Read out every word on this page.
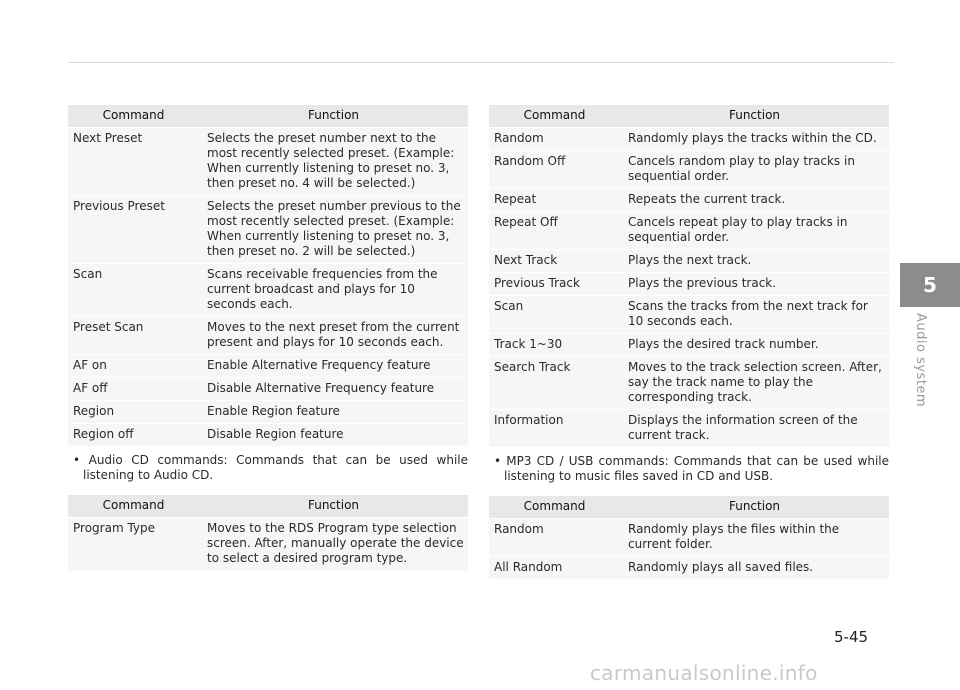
Command	Function
Next Preset	Selects the preset number next to the most recently selected preset. (Example: When currently listening to preset no. 3, then preset no. 4 will be selected.)
Previous Preset	Selects the preset number previous to the most recently selected preset. (Example: When currently listening to preset no. 3, then preset no. 2 will be selected.)
Scan	Scans receivable frequencies from the current broadcast and plays for 10 seconds each.
Preset Scan	Moves to the next preset from the current present and plays for 10 seconds each.
AF on	Enable Alternative Frequency feature
AF off	Disable Alternative Frequency feature
Region	Enable Region feature
Region off	Disable Region feature
• Audio CD commands: Commands that can be used while listening to Audio CD.
Command	Function
Program Type	Moves to the RDS Program type selection screen. After, manually operate the device to select a desired program type.
Command	Function
Random	Randomly plays the tracks within the CD.
Random Off	Cancels random play to play tracks in sequential order.
Repeat	Repeats the current track.
Repeat Off	Cancels repeat play to play tracks in sequential order.
Next Track	Plays the next track.
Previous Track	Plays the previous track.
Scan	Scans the tracks from the next track for 10 seconds each.
Track 1~30	Plays the desired track number.
Search Track	Moves to the track selection screen. After, say the track name to play the corresponding track.
Information	Displays the information screen of the current track.
• MP3 CD / USB commands: Commands that can be used while listening to music files saved in CD and USB.
Command	Function
Random	Randomly plays the files within the current folder.
All Random	Randomly plays all saved files.
5
Audio system
5-45
carmanualsonline.info
